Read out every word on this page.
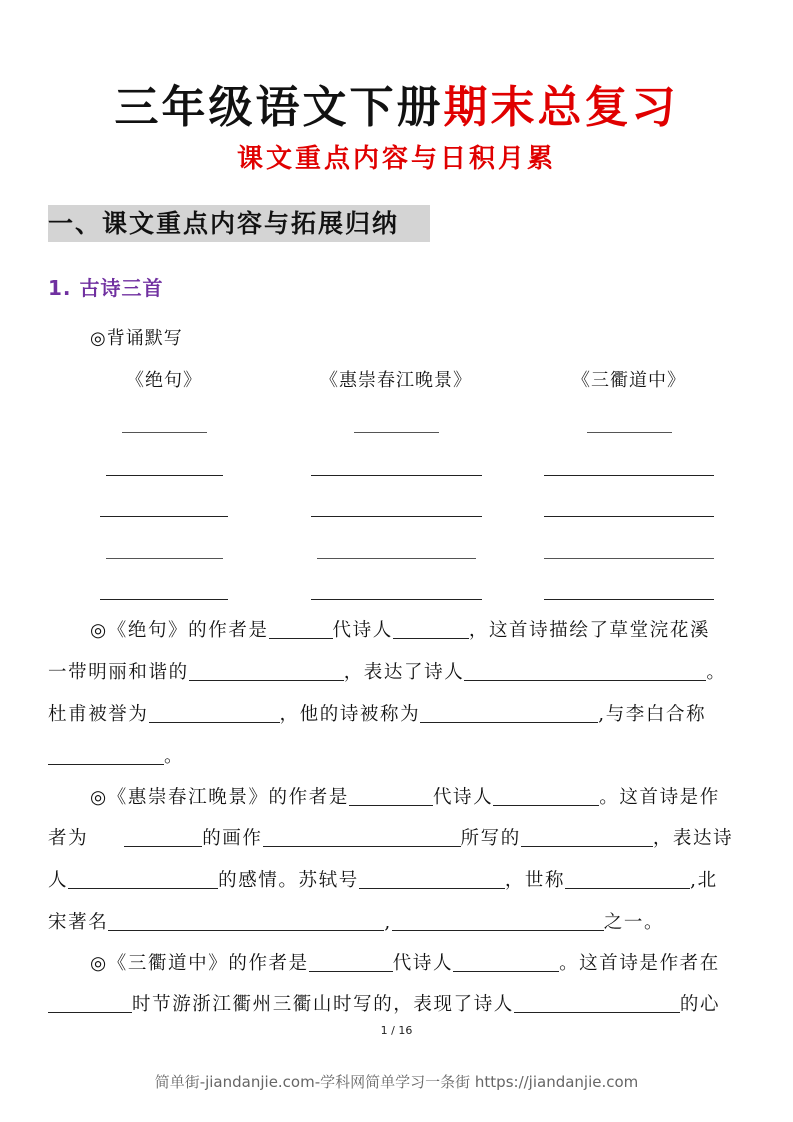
三年级语文下册期末总复习
课文重点内容与日积月累
一、课文重点内容与拓展归纳
1. 古诗三首
◎背诵默写
《绝句》	《惠崇春江晚景》	《三衢道中》
◎《绝句》的作者是	代诗人	，这首诗描绘了草堂浣花溪
一带明丽和谐的	，表达了诗人	。
杜甫被誉为	，他的诗被称为	,与李白合称
。
◎《惠崇春江晚景》的作者是	代诗人	。这首诗是作
者为	的画作	所写的	，表达诗
人	的感情。苏轼号	，世称	,北
宋著名	,	之一。
◎《三衢道中》的作者是	代诗人	。这首诗是作者在
时节游浙江衢州三衢山时写的，表现了诗人	的心
1 / 16
简单街-jiandanjie.com-学科网简单学习一条街 https://jiandanjie.com
